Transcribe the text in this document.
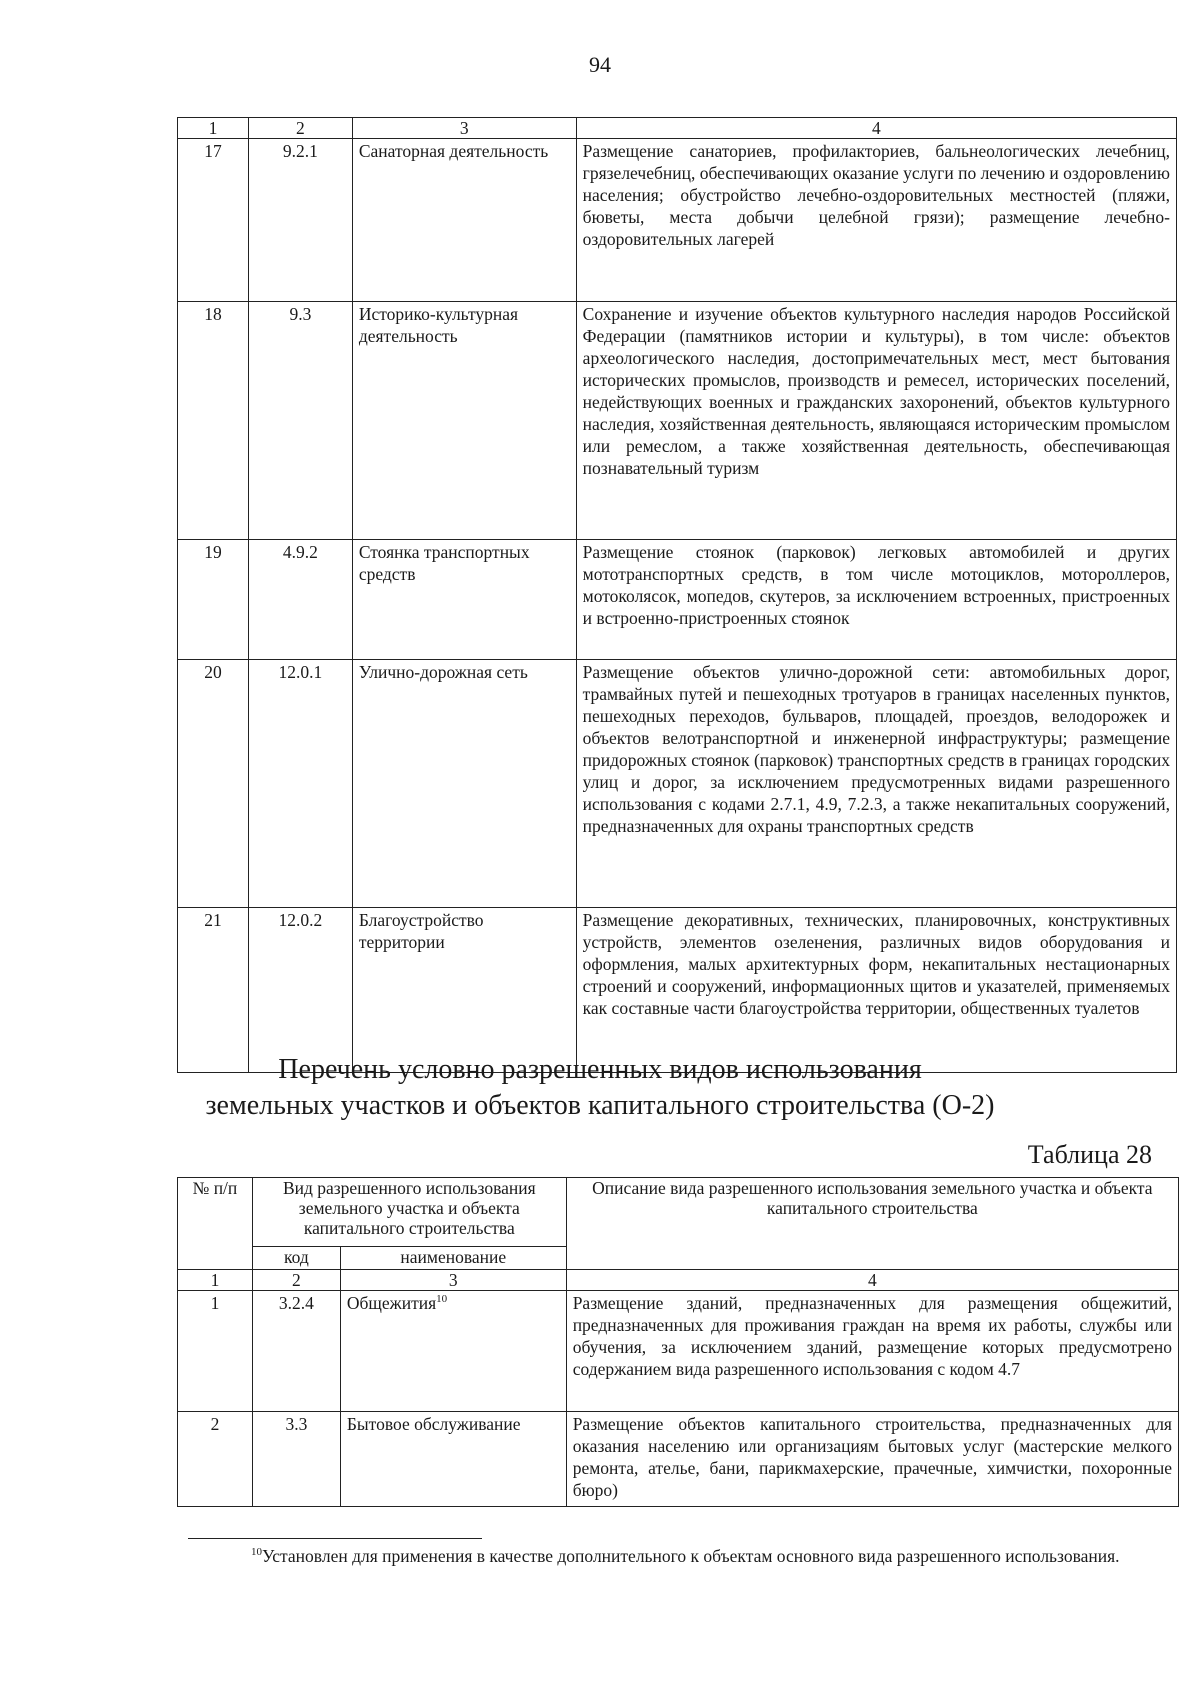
94
1	2	3	4
17	9.2.1	Санаторная деятельность	Размещение санаториев, профилакториев, бальнеологических лечебниц, грязелечебниц, обеспечивающих оказание услуги по лечению и оздоровлению населения; обустройство лечебно-оздоровительных местностей (пляжи, бюветы, места добычи целебной грязи); размещение лечебно-оздоровительных лагерей
18	9.3	Историко-культурная деятельность	Сохранение и изучение объектов культурного наследия народов Российской Федерации (памятников истории и культуры), в том числе: объектов археологического наследия, достопримечательных мест, мест бытования исторических промыслов, производств и ремесел, исторических поселений, недействующих военных и гражданских захоронений, объектов культурного наследия, хозяйственная деятельность, являющаяся историческим промыслом или ремеслом, а также хозяйственная деятельность, обеспечивающая познавательный туризм
19	4.9.2	Стоянка транспортных средств	Размещение стоянок (парковок) легковых автомобилей и других мототранспортных средств, в том числе мотоциклов, мотороллеров, мотоколясок, мопедов, скутеров, за исключением встроенных, пристроенных и встроенно-пристроенных стоянок
20	12.0.1	Улично-дорожная сеть	Размещение объектов улично-дорожной сети: автомобильных дорог, трамвайных путей и пешеходных тротуаров в границах населенных пунктов, пешеходных переходов, бульваров, площадей, проездов, велодорожек и объектов велотранспортной и инженерной инфраструктуры; размещение придорожных стоянок (парковок) транспортных средств в границах городских улиц и дорог, за исключением предусмотренных видами разрешенного использования с кодами 2.7.1, 4.9, 7.2.3, а также некапитальных сооружений, предназначенных для охраны транспортных средств
21	12.0.2	Благоустройство территории	Размещение декоративных, технических, планировочных, конструктивных устройств, элементов озеленения, различных видов оборудования и оформления, малых архитектурных форм, некапитальных нестационарных строений и сооружений, информационных щитов и указателей, применяемых как составные части благоустройства территории, общественных туалетов
Перечень условно разрешенных видов использования
земельных участков и объектов капитального строительства (О-2)
Таблица 28
№ п/п	Вид разрешенного использования земельного участка и объекта капитального строительства		Описание вида разрешенного использования земельного участка и объекта капитального строительства
	код	наименование	
1	2	3	4
1	3.2.4	Общежития$^{10}$	Размещение зданий, предназначенных для размещения общежитий, предназначенных для проживания граждан на время их работы, службы или обучения, за исключением зданий, размещение которых предусмотрено содержанием вида разрешенного использования с кодом 4.7
2	3.3	Бытовое обслуживание	Размещение объектов капитального строительства, предназначенных для оказания населению или организациям бытовых услуг (мастерские мелкого ремонта, ателье, бани, парикмахерские, прачечные, химчистки, похоронные бюро)
$^{10}$Установлен для применения в качестве дополнительного к объектам основного вида разрешенного использования.
